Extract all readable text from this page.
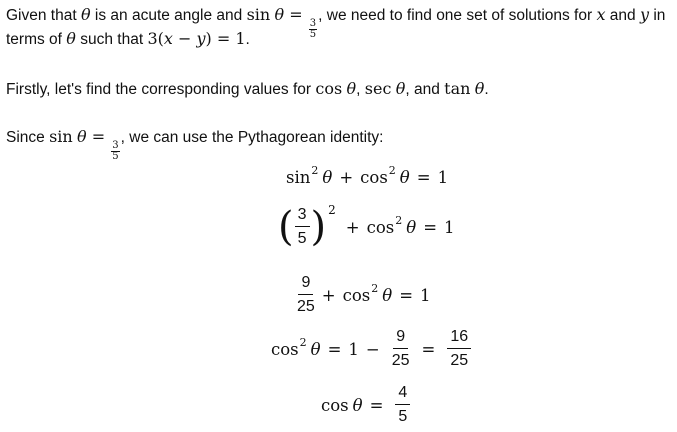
Given that θ is an acute angle and sin θ =
$\frac{3}{5}$
, we need to find one set of solutions for x and y in
terms of θ such that 3(x − y) = 1.
Firstly, let's find the corresponding values for cos θ, sec θ, and tan θ.
Since sin θ =
$\frac{3}{5}$
, we can use the Pythagorean identity:
sin 2 θ + cos 2 θ = 1
( $\frac{3}{5}$ ) 2
+ cos 2 θ = 1
$\frac{9}{25} + \cos 2$ θ = 1
cos 2 $\theta = 1 - \frac{9}{25} = \frac{16}{25}$
$\cos \theta = \frac{4}{5}$
